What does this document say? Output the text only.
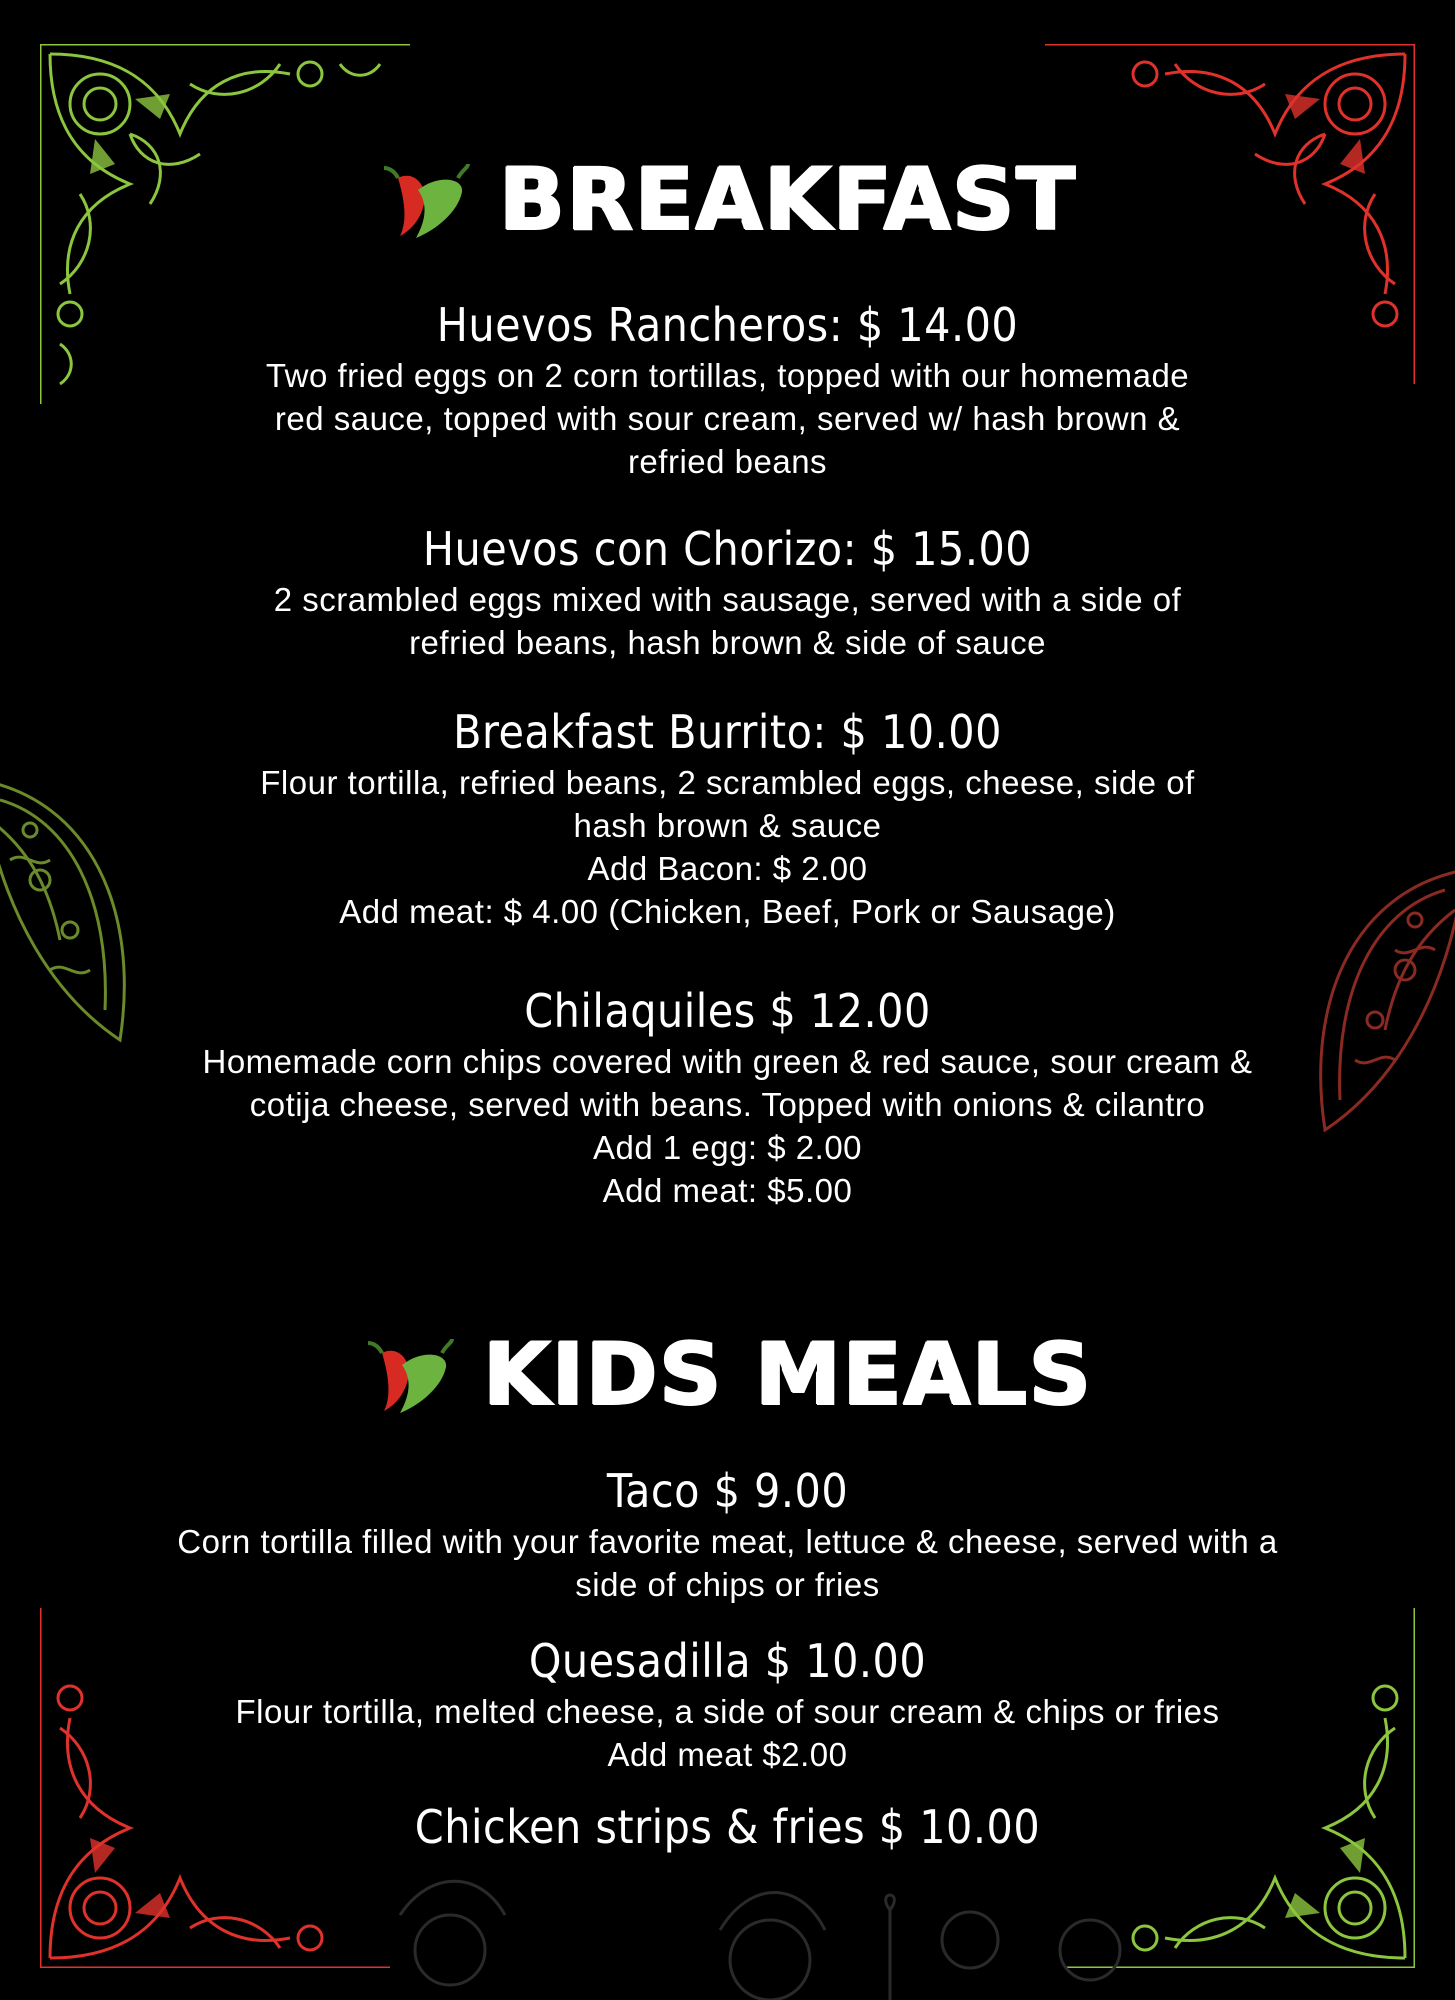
BREAKFAST
Huevos Rancheros: $ 14.00
Two fried eggs on 2 corn tortillas, topped with our homemade
red sauce, topped with sour cream, served w/ hash brown &
refried beans
Huevos con Chorizo: $ 15.00
2 scrambled eggs mixed with sausage, served with a side of
refried beans, hash brown & side of sauce
Breakfast Burrito: $ 10.00
Flour tortilla, refried beans, 2 scrambled eggs, cheese, side of
hash brown & sauce
Add Bacon: $ 2.00
Add meat: $ 4.00 (Chicken, Beef, Pork or Sausage)
Chilaquiles $ 12.00
Homemade corn chips covered with green & red sauce, sour cream &
cotija cheese, served with beans. Topped with onions & cilantro
Add 1 egg: $ 2.00
Add meat: $5.00
KIDS MEALS
Taco $ 9.00
Corn tortilla filled with your favorite meat, lettuce & cheese, served with a
side of chips or fries
Quesadilla $ 10.00
Flour tortilla, melted cheese, a side of sour cream & chips or fries
Add meat $2.00
Chicken strips & fries $ 10.00
